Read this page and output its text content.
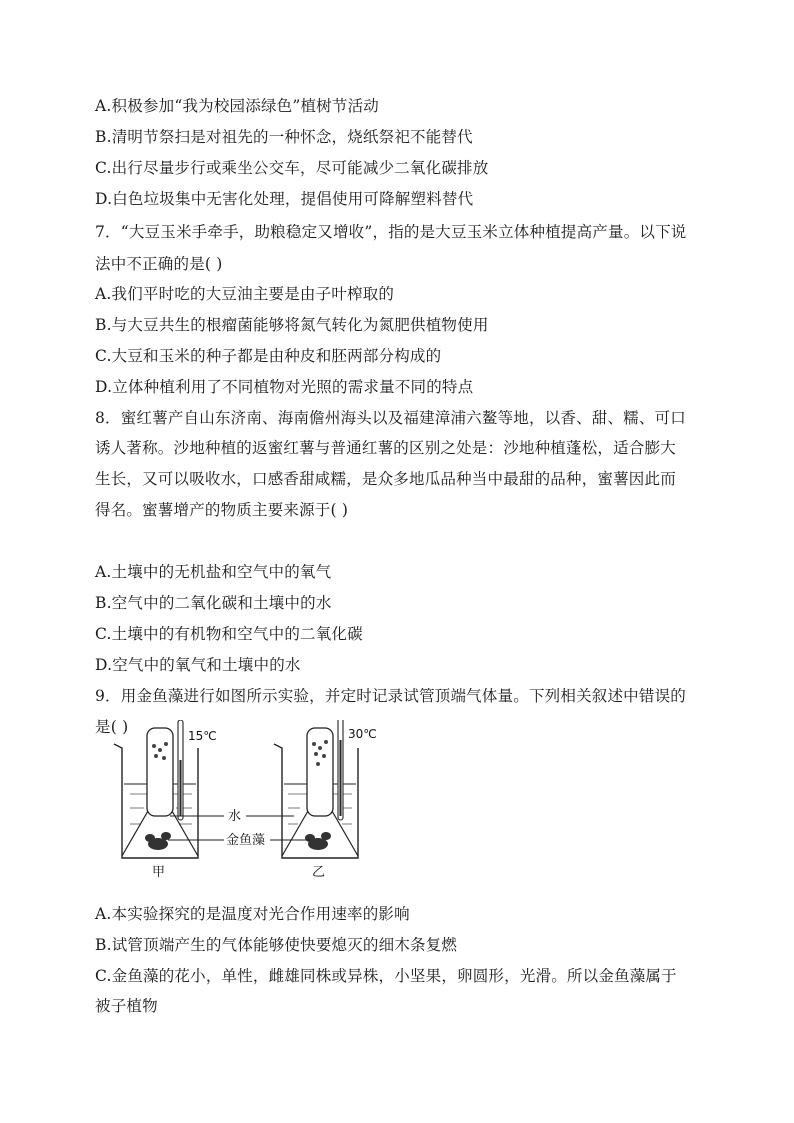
A.积极参加“我为校园添绿色”植树节活动
B.清明节祭扫是对祖先的一种怀念，烧纸祭祀不能替代
C.出行尽量步行或乘坐公交车，尽可能减少二氧化碳排放
D.白色垃圾集中无害化处理，提倡使用可降解塑料替代
7．“大豆玉米手牵手，助粮稳定又增收”，指的是大豆玉米立体种植提高产量。以下说
法中不正确的是( )
A.我们平时吃的大豆油主要是由子叶榨取的
B.与大豆共生的根瘤菌能够将氮气转化为氮肥供植物使用
C.大豆和玉米的种子都是由种皮和胚两部分构成的
D.立体种植利用了不同植物对光照的需求量不同的特点
8．蜜红薯产自山东济南、海南儋州海头以及福建漳浦六鳌等地，以香、甜、糯、可口
诱人著称。沙地种植的返蜜红薯与普通红薯的区别之处是：沙地种植蓬松，适合膨大
生长，又可以吸收水，口感香甜咸糯，是众多地瓜品种当中最甜的品种，蜜薯因此而
得名。蜜薯增产的物质主要来源于( )
A.土壤中的无机盐和空气中的氧气
B.空气中的二氧化碳和土壤中的水
C.土壤中的有机物和空气中的二氧化碳
D.空气中的氧气和土壤中的水
9．用金鱼藻进行如图所示实验，并定时记录试管顶端气体量。下列相关叙述中错误的
A.本实验探究的是温度对光合作用速率的影响
B.试管顶端产生的气体能够使快要熄灭的细木条复燃
C.金鱼藻的花小，单性，雌雄同株或异株，小坚果，卵圆形，光滑。所以金鱼藻属于
被子植物
15℃	30℃
水
金鱼藻
甲	乙
是( )
